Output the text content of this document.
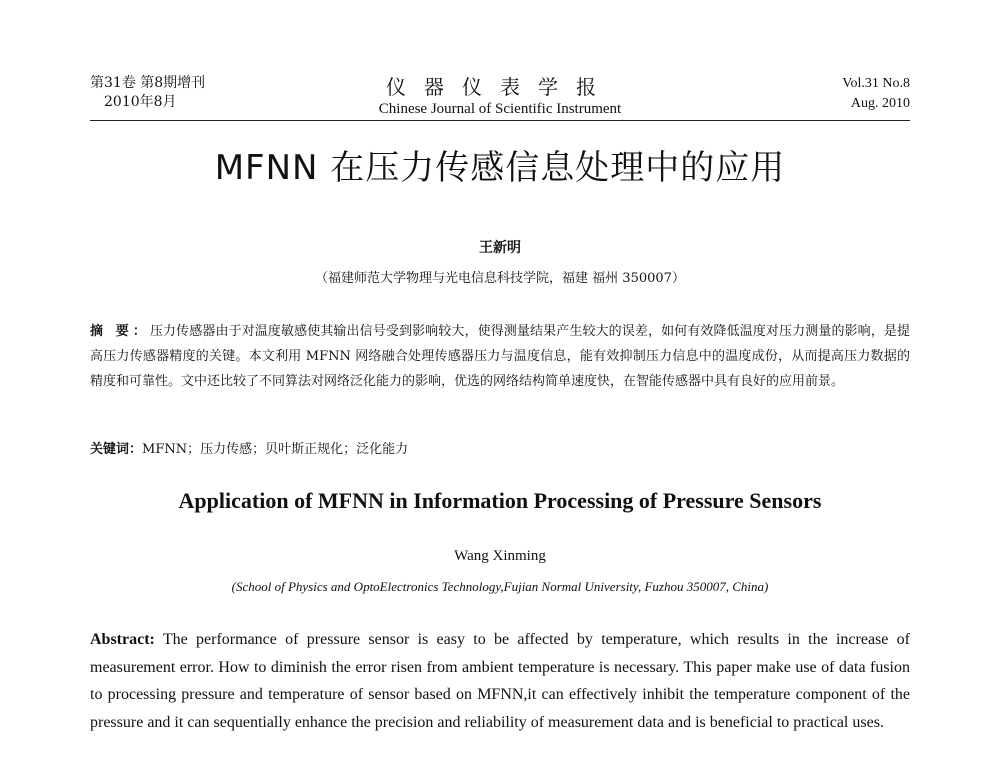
第31卷 第8期增刊
2010年8月
仪器仪表学报
Chinese Journal of Scientific Instrument
Vol.31 No.8
Aug. 2010
MFNN 在压力传感信息处理中的应用
王新明
（福建师范大学物理与光电信息科技学院，福建 福州 350007）
摘 要：压力传感器由于对温度敏感使其输出信号受到影响较大，使得测量结果产生较大的误差，如何有效降低温度对压力测量的影响，是提高压力传感器精度的关键。本文利用 MFNN 网络融合处理传感器压力与温度信息，能有效抑制压力信息中的温度成份，从而提高压力数据的精度和可靠性。文中还比较了不同算法对网络泛化能力的影响，优选的网络结构简单速度快，在智能传感器中具有良好的应用前景。
关键词：MFNN；压力传感；贝叶斯正规化；泛化能力
Application of MFNN in Information Processing of Pressure Sensors
Wang Xinming
(School of Physics and OptoElectronics Technology,Fujian Normal University, Fuzhou 350007, China)
Abstract: The performance of pressure sensor is easy to be affected by temperature, which results in the increase of measurement error. How to diminish the error risen from ambient temperature is necessary. This paper make use of data fusion to processing pressure and temperature of sensor based on MFNN,it can effectively inhibit the temperature component of the pressure and it can sequentially enhance the precision and reliability of measurement data and is beneficial to practical uses.
